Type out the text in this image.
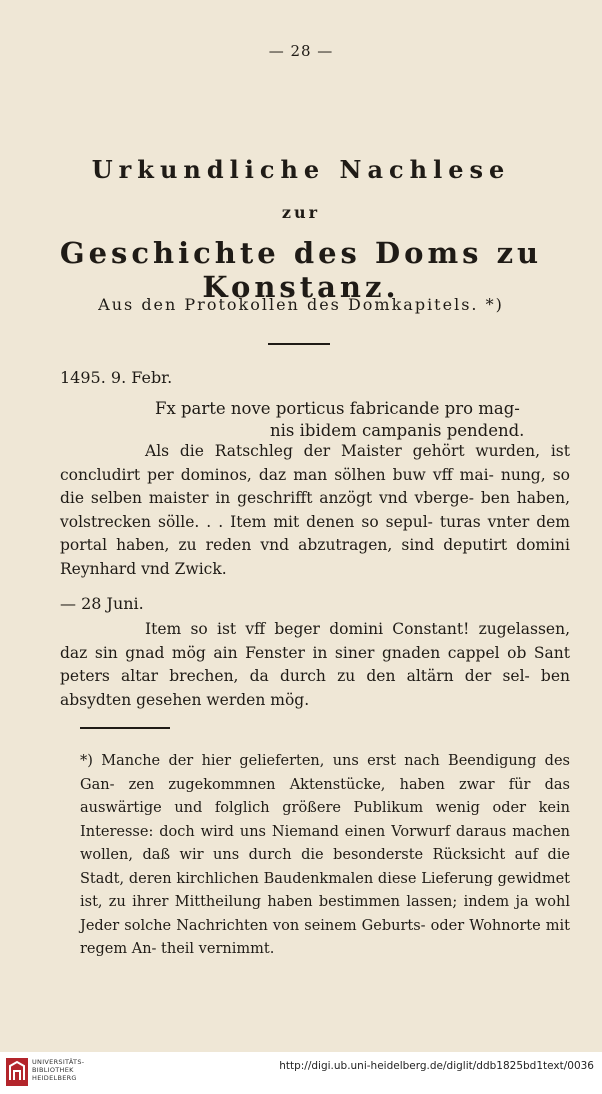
— 28 —
Urkundliche Nachlese
zur
Geschichte des Doms zu Konstanz.
Aus den Protokollen des Domkapitels. *)
1495. 9. Febr.
Fx parte nove porticus fabricande pro mag-
nis ibidem campanis pendend.
Als die Ratschleg der Maister gehört wurden, ist concludirt per dominos, daz man sölhen buw vff mai- nung, so die selben maister in geschrifft anzögt vnd vberge- ben haben, volstrecken sölle. . . Item mit denen so sepul- turas vnter dem portal haben, zu reden vnd abzutragen, sind deputirt domini Reynhard vnd Zwick.
— 28 Juni.
Item so ist vff beger domini Constant! zugelassen, daz sin gnad mög ain Fenster in siner gnaden cappel ob Sant peters altar brechen, da durch zu den altärn der sel- ben absydten gesehen werden mög.
*) Manche der hier gelieferten, uns erst nach Beendigung des Gan- zen zugekommnen Aktenstücke, haben zwar für das auswärtige und folglich größere Publikum wenig oder kein Interesse: doch wird uns Niemand einen Vorwurf daraus machen wollen, daß wir uns durch die besonderste Rücksicht auf die Stadt, deren kirchlichen Baudenkmalen diese Lieferung gewidmet ist, zu ihrer Mittheilung haben bestimmen lassen; indem ja wohl Jeder solche Nachrichten von seinem Geburts- oder Wohnorte mit regem An- theil vernimmt.
UNIVERSITÄTS-
BIBLIOTHEK
HEIDELBERG
http://digi.ub.uni-heidelberg.de/diglit/ddb1825bd1text/0036
